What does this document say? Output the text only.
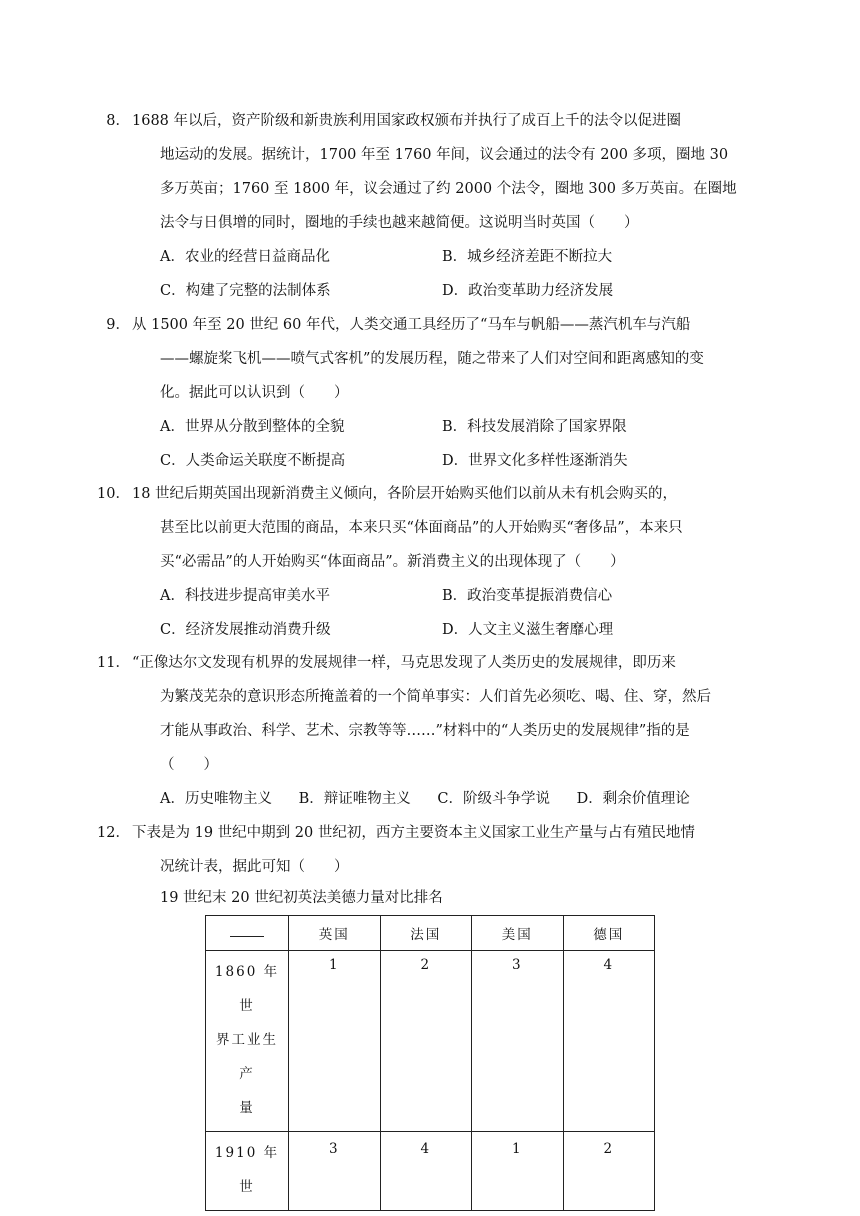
8． 1688 年以后，资产阶级和新贵族利用国家政权颁布并执行了成百上千的法令以促进圈
地运动的发展。据统计，1700 年至 1760 年间，议会通过的法令有 200 多项，圈地 30
多万英亩；1760 至 1800 年，议会通过了约 2000 个法令，圈地 300 多万英亩。在圈地
法令与日俱增的同时，圈地的手续也越来越简便。这说明当时英国（　　）
A．农业的经营日益商品化	B．城乡经济差距不断拉大
C．构建了完整的法制体系	D．政治变革助力经济发展
9． 从 1500 年至 20 世纪 60 年代，人类交通工具经历了“马车与帆船——蒸汽机车与汽船
——螺旋桨飞机——喷气式客机”的发展历程，随之带来了人们对空间和距离感知的变
化。据此可以认识到（　　）
A．世界从分散到整体的全貌	B．科技发展消除了国家界限
C．人类命运关联度不断提高	D．世界文化多样性逐渐消失
10． 18 世纪后期英国出现新消费主义倾向，各阶层开始购买他们以前从未有机会购买的，
甚至比以前更大范围的商品，本来只买“体面商品”的人开始购买“奢侈品”，本来只
买“必需品”的人开始购买“体面商品”。新消费主义的出现体现了（　　）
A．科技进步提高审美水平	B．政治变革提振消费信心
C．经济发展推动消费升级	D．人文主义滋生奢靡心理
11． “正像达尔文发现有机界的发展规律一样，马克思发现了人类历史的发展规律，即历来
为繁茂芜杂的意识形态所掩盖着的一个简单事实：人们首先必须吃、喝、住、穿，然后
才能从事政治、科学、艺术、宗教等等……”材料中的“人类历史的发展规律”指的是
（　　）
A．历史唯物主义 B．辩证唯物主义 C．阶级斗争学说 D．剩余价值理论
12． 下表是为 19 世纪中期到 20 世纪初，西方主要资本主义国家工业生产量与占有殖民地情
况统计表，据此可知（　　）
19 世纪末 20 世纪初英法美德力量对比排名
	英国	法国	美国	德国

1860 年世
界工业生产
量	1	2	3	4

1910 年世	3	4	1	2
